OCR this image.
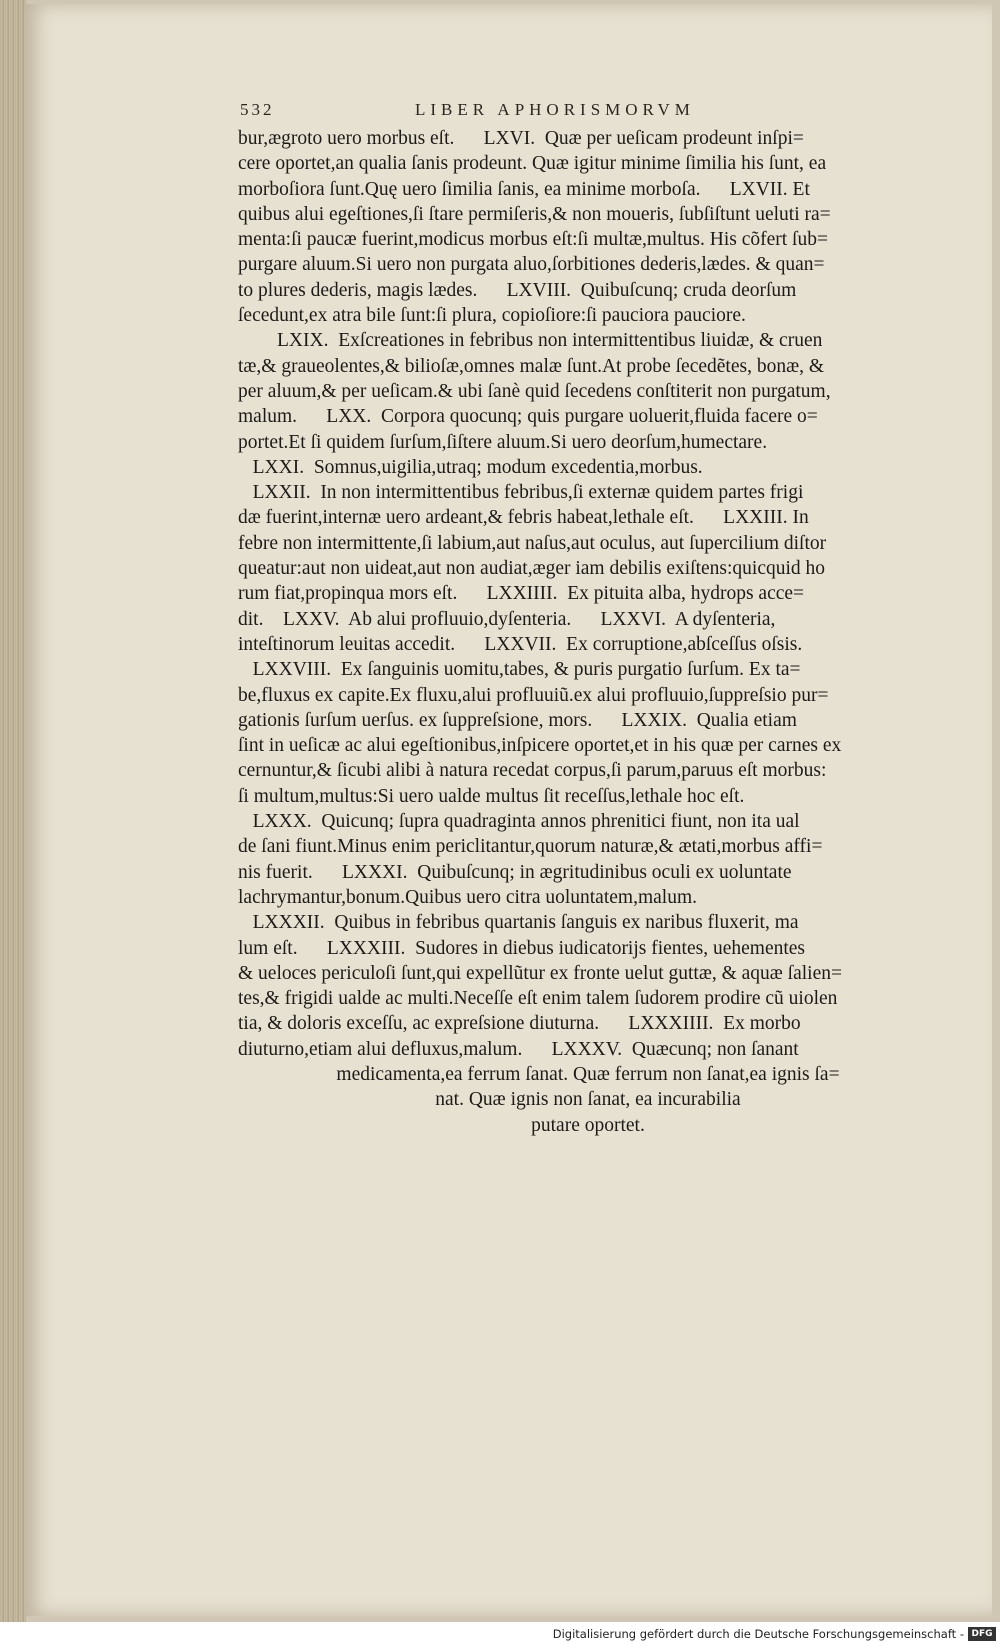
532	LIBER APHORISMORVM
bur,ægroto uero morbus eſt.      LXVI.  Quæ per ueſicam prodeunt inſpi=
cere oportet,an qualia ſanis prodeunt. Quæ igitur minime ſimilia his ſunt, ea
morboſiora ſunt.Quę uero ſimilia ſanis, ea minime morboſa.      LXVII. Et
quibus alui egeſtiones,ſi ſtare permiſeris,& non moueris, ſubſiſtunt ueluti ra=
menta:ſi paucæ fuerint,modicus morbus eſt:ſi multæ,multus. His cõfert ſub=
purgare aluum.Si uero non purgata aluo,ſorbitiones dederis,lædes. & quan=
to plures dederis, magis lædes.      LXVIII.  Quibuſcunq; cruda deorſum
ſecedunt,ex atra bile ſunt:ſi plura, copioſiore:ſi pauciora pauciore.
LXIX.  Exſcreationes in febribus non intermittentibus liuidæ, & cruen
tæ,& graueolentes,& bilioſæ,omnes malæ ſunt.At probe ſecedẽtes, bonæ, &
per aluum,& per ueſicam.& ubi ſanè quid ſecedens conſtiterit non purgatum,
malum.      LXX.  Corpora quocunq; quis purgare uoluerit,fluida facere o=
portet.Et ſi quidem ſurſum,ſiſtere aluum.Si uero deorſum,humectare.
LXXI.  Somnus,uigilia,utraq; modum excedentia,morbus.
LXXII.  In non intermittentibus febribus,ſi externæ quidem partes frigi
dæ fuerint,internæ uero ardeant,& febris habeat,lethale eſt.      LXXIII. In
febre non intermittente,ſi labium,aut naſus,aut oculus, aut ſupercilium diſtor
queatur:aut non uideat,aut non audiat,æger iam debilis exiſtens:quicquid ho
rum fiat,propinqua mors eſt.      LXXIIII.  Ex pituita alba, hydrops acce=
dit.    LXXV.  Ab alui profluuio,dyſenteria.      LXXVI.  A dyſenteria,
inteſtinorum leuitas accedit.      LXXVII.  Ex corruptione,abſceſſus oſsis.
LXXVIII.  Ex ſanguinis uomitu,tabes, & puris purgatio ſurſum. Ex ta=
be,fluxus ex capite.Ex fluxu,alui profluuiũ.ex alui profluuio,ſuppreſsio pur=
gationis ſurſum uerſus. ex ſuppreſsione, mors.      LXXIX.  Qualia etiam
ſint in ueſicæ ac alui egeſtionibus,inſpicere oportet,et in his quæ per carnes ex
cernuntur,& ſicubi alibi à natura recedat corpus,ſi parum,paruus eſt morbus:
ſi multum,multus:Si uero ualde multus ſit receſſus,lethale hoc eſt.
LXXX.  Quicunq; ſupra quadraginta annos phrenitici fiunt, non ita ual
de ſani fiunt.Minus enim periclitantur,quorum naturæ,& ætati,morbus affi=
nis fuerit.      LXXXI.  Quibuſcunq; in ægritudinibus oculi ex uoluntate
lachrymantur,bonum.Quibus uero citra uoluntatem,malum.
LXXXII.  Quibus in febribus quartanis ſanguis ex naribus fluxerit, ma
lum eſt.      LXXXIII.  Sudores in diebus iudicatorijs fientes, uehementes
& ueloces periculoſi ſunt,qui expellũtur ex fronte uelut guttæ, & aquæ ſalien=
tes,& frigidi ualde ac multi.Neceſſe eſt enim talem ſudorem prodire cũ uiolen
tia, & doloris exceſſu, ac expreſsione diuturna.      LXXXIIII.  Ex morbo
diuturno,etiam alui defluxus,malum.      LXXXV.  Quæcunq; non ſanant
medicamenta,ea ferrum ſanat. Quæ ferrum non ſanat,ea ignis ſa=
nat. Quæ ignis non ſanat, ea incurabilia
putare oportet.
Digitalisierung gefördert durch die Deutsche Forschungsgemeinschaft - DFG
